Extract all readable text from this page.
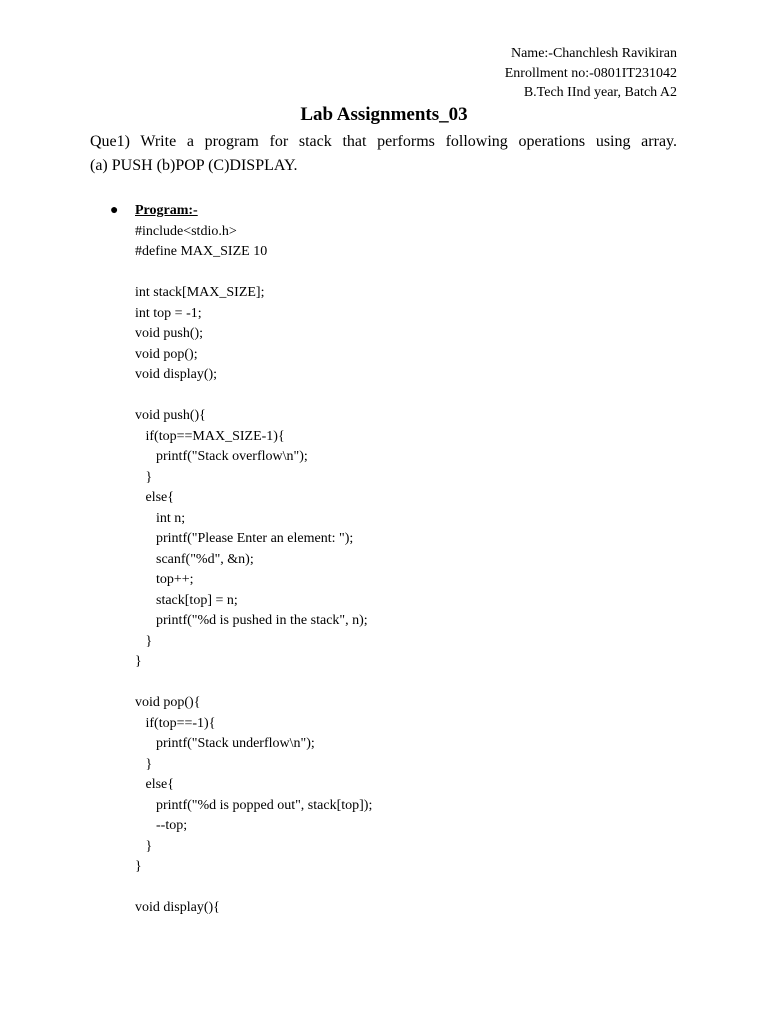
Name:-Chanchlesh Ravikiran
Enrollment no:-0801IT231042
B.Tech IInd year, Batch A2
Lab Assignments_03
Que1) Write a program for stack that performs following operations using array.
(a) PUSH (b)POP (C)DISPLAY.
●	Program:-
#include<stdio.h>
#define MAX_SIZE 10
int stack[MAX_SIZE];
int top = -1;
void push();
void pop();
void display();
void push(){
if(top==MAX_SIZE-1){
printf("Stack overflow\n");
}
else{
int n;
printf("Please Enter an element: ");
scanf("%d", &n);
top++;
stack[top] = n;
printf("%d is pushed in the stack", n);
}
}
void pop(){
if(top==-1){
printf("Stack underflow\n");
}
else{
printf("%d is popped out", stack[top]);
--top;
}
}
void display(){
